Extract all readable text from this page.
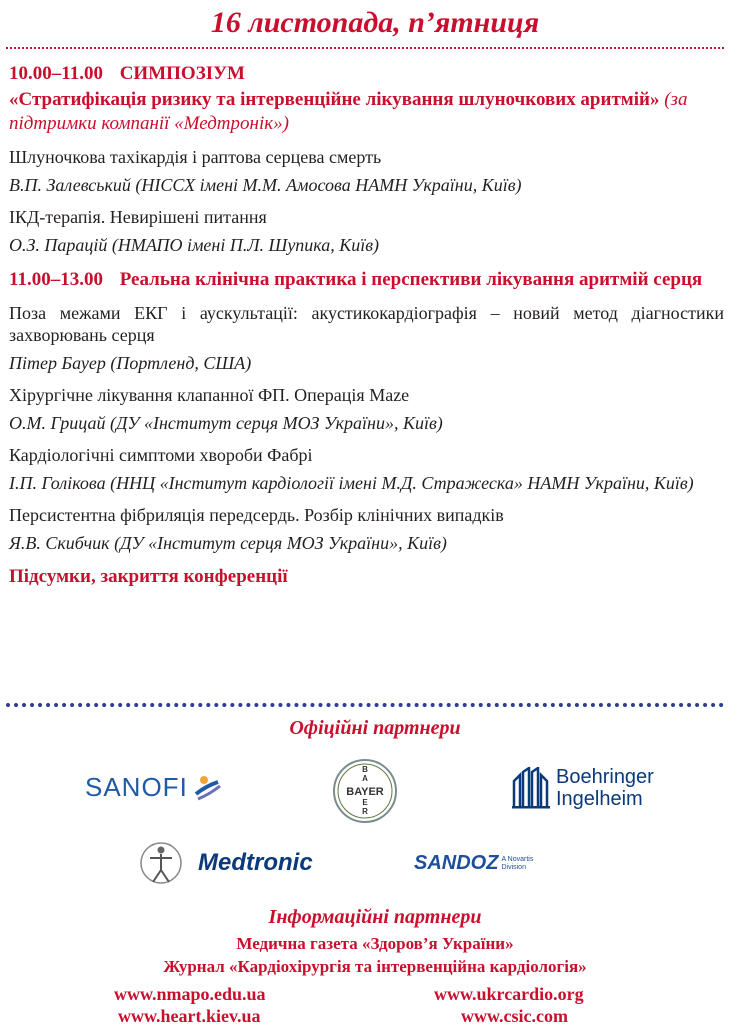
16 листопада, п’ятниця
10.00–11.00 СИМПОЗІУМ
«Стратифікація ризику та інтервенційне лікування шлуночкових аритмій» (за підтримки компанії «Медтронік»)
Шлуночкова тахікардія і раптова серцева смерть
В.П. Залевський (НІССХ імені М.М. Амосова НАМН України, Київ)
ІКД-терапія. Невирішені питання
О.З. Парацій (НМАПО імені П.Л. Шупика, Київ)
11.00–13.00 Реальна клінічна практика і перспективи лікування аритмій серця
Поза межами ЕКГ і аускультації: акустикокардіографія – новий метод діагностики захворювань серця
Пітер Бауер (Портленд, США)
Хірургічне лікування клапанної ФП. Операція Maze
О.М. Грицай (ДУ «Інститут серця МОЗ України», Київ)
Кардіологічні симптоми хвороби Фабрі
І.П. Голікова (ННЦ «Інститут кардіології імені М.Д. Стражеска» НАМН України, Київ)
Персистентна фібриляція передсердь. Розбір клінічних випадків
Я.В. Скибчик (ДУ «Інститут серця МОЗ України», Київ)
Підсумки, закриття конференції
Офіційні партнери
SANOFI	BAYER
B
A
E
R
Boehringer
Ingelheim
Medtronic	SANDOZ A Novartis
Division
Інформаційні партнери
Медична газета «Здоров’я України»
Журнал «Кардіохірургія та інтервенційна кардіологія»
www.nmapo.edu.ua	www.ukrcardio.org
www.heart.kiev.ua	www.csic.com
